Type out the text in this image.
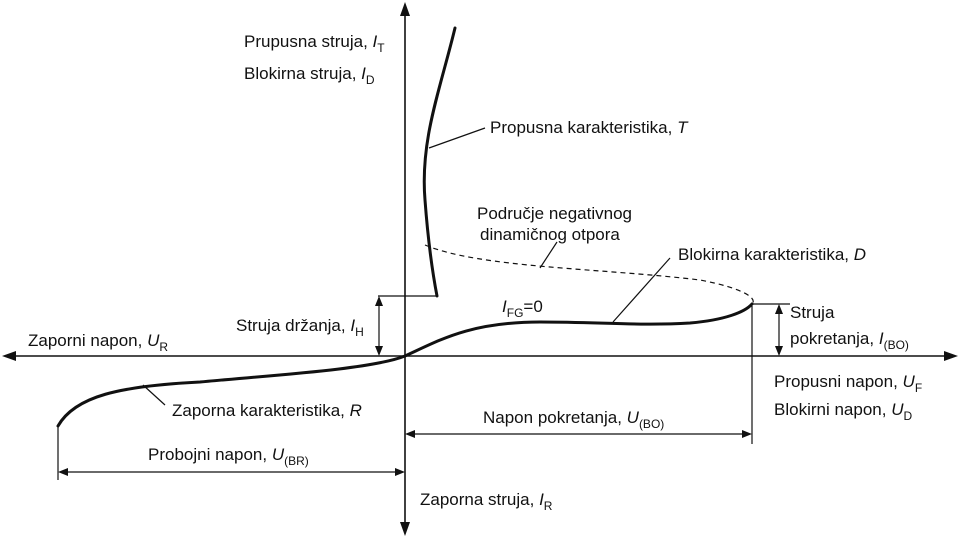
Prupusna struja, $I_T$
Blokirna struja, $I_D$
Propusna karakteristika, T
Područje negativnog
dinamičnog otpora
Blokirna karakteristika, D
$I_{FG}=0$
Struja držanja, $I_H$
Zaporni napon, $U_R$
Struja
pokretanja, $I_{(BO)}$
Propusni napon, $U_F$
Blokirni napon, $U_D$
Zaporna karakteristika, R	Napon pokretanja, $U_{(BO)}$
Probojni napon, $U_{(BR)}$
Zaporna struja, $I_R$
